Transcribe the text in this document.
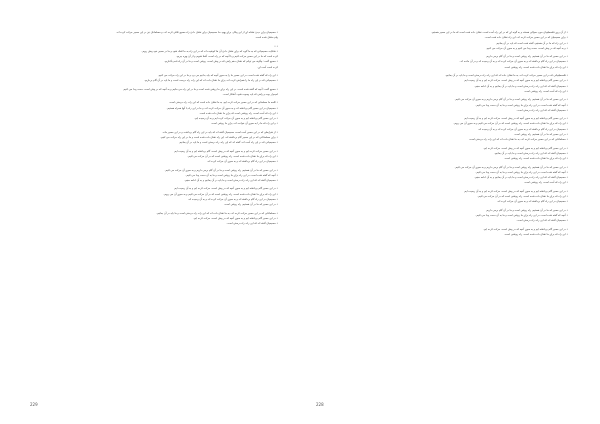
• مسیحیان برای دیدن نشانه ای از این پیکار، برای یهود ما، مسیحیان برای نشان دادن راه مسیح تلاش کرده اند، و مسلمانان نیز در این مسیر حرکت کرده اند.
پیام منتقل شده است.
• •
• شکایت مسیحیانی که به ما گوید که برای نشان دادن آن ها کوشیده اند که در این راه به ما کمک شود و ما در مسیر خود پیش رویم.
کرده است که ما در این مسیر حرکت کنیم و با آنچه که در راه است، آشنا شویم و از آن بهره ببریم.
• مسیح گفت: چگونه می توانم که نشان دهم راهی که در پیش است، روشن است و ما در آن راه قدم بگذاریم.
کرده است آمده ای.
• این راه که گفته شده است، در این مسیر ما را به سوی آنچه که باید بدانیم می برد و ما در این راه حرکت می کنیم.
• مسیحیانی که در این راه ما را همراهی کرده اند، برای ما نشان داده اند که این راه، راه درست است و ما باید در آن گام برداریم.
• مسیح گفت: آنچه که گفته شده است، در این راه برای ما روشن شده است و ما در این راه می مانیم و به آنچه که در پیش است، دست پیدا می کنیم.
امیدوار بوده و راهی که باید پیموده شود، آشکار است.
• کلمه ما مسلمانی که در این مسیر حرکت کرده ایم، به ما نشان داده است که این راه، راه درستی است.
• مسیحیان در این مسیر گام برداشته اند و به سوی آن حرکت کرده اند، و ما در این راه با آنها همراه هستیم.
• این راه که آمده است، راه روشنی است که برای ما نشان داده شده است.
• در این مسیر گام برداشته ایم و به سوی آن حرکت کرده ایم و به آن رسیده ایم.
• و این راه که ما را به سوی آن خوانده اند، برای ما روشن است.
• از شرایطی که در این مسیر آمده است، مسیحیان گفته اند که باید در این راه گام برداشت و در این مسیر ماند.
• برای مسلمانانی که در این مسیر گام برداشته اند، این راه نشان داده شده است و ما در این راه حرکت می کنیم.
• مسیحیانی که در این راه آمده اند، گفته اند که این راه، راه درستی است و ما باید در آن بمانیم.
• در این مسیر حرکت کرده ایم و به سوی آنچه که در پیش است، گام برداشته ایم و به آن رسیده ایم.
• این راه که برای ما نشان داده شده است، راه روشنی است که در آن حرکت می کنیم.
• مسیحیان در این راه گام برداشته اند و به سوی آن حرکت کرده اند.
• در این مسیر که ما در آن هستیم، راه روشن است و ما در آن گام برمی داریم و به سوی آن حرکت می کنیم.
• آنچه که گفته شده است، در این راه برای ما روشن است و ما به آن دست پیدا می کنیم.
• مسیحیان گفته اند که این راه، راه درستی است و ما باید در آن بمانیم و به آن ادامه دهیم.
• در این مسیر گام برداشته ایم و به سوی آنچه که در پیش است، حرکت کرده ایم و به آن رسیده ایم.
• این راه که برای ما نشان داده شده است، راه روشنی است که در آن حرکت می کنیم و به سوی آن می رویم.
• مسیحیان در این راه گام برداشته اند و به سوی آن حرکت کرده اند و به آن رسیده اند.
• در این مسیر که ما در آن هستیم، راه روشن است.
• مسلمانانی که در این مسیر حرکت کرده اند، به ما نشان داده اند که این راه، راه درستی است و ما باید در آن بمانیم.
• در این مسیر گام برداشته ایم و به سوی آنچه که در پیش است، حرکت کرده ایم.
• مسیحیان گفته اند که این راه، راه درستی است.
• از آن روی فلسطینیان مورد سوالی هستند و به گونه ای که در این راه آمده است، نشان داده شده است که ما در این مسیر هستیم.
• برای مسیحیان که در این مسیر حرکت کرده اند، این راه نشان داده شده است.
• در این راه که ما در آن هستیم، گفته شده است که باید در آن بمانیم.
• و به آنچه که در پیش است، دست پیدا می کنیم و به سوی آن حرکت می کنیم.
• در این مسیر که ما در آن هستیم، راه روشن است و ما در آن گام برمی داریم.
• مسیحیان در این راه گام برداشته اند و به سوی آن حرکت کرده اند و به آن رسیده اند و در آن مانده اند.
• این راه که برای ما نشان داده شده است، راه روشنی است.
• فلسطینیانی که در این مسیر حرکت کرده اند، به ما نشان داده اند که این راه، راه درستی است و ما باید در آن بمانیم.
• در این مسیر گام برداشته ایم و به سوی آنچه که در پیش است، حرکت کرده ایم و به آن رسیده ایم.
• مسیحیان گفته اند که این راه، راه درستی است و ما باید در آن بمانیم و به آن ادامه دهیم.
• این راه که آمده است، راه روشنی است.
• در این مسیر که ما در آن هستیم، راه روشن است و ما در آن گام برمی داریم و به سوی آن حرکت می کنیم.
• آنچه که گفته شده است، در این راه برای ما روشن است و ما به آن دست پیدا می کنیم.
• مسیحیان گفته اند که این راه، راه درستی است.
• در این مسیر گام برداشته ایم و به سوی آنچه که در پیش است، حرکت کرده ایم و به آن رسیده ایم.
• این راه که برای ما نشان داده شده است، راه روشنی است که در آن حرکت می کنیم و به سوی آن می رویم.
• مسیحیان در این راه گام برداشته اند و به سوی آن حرکت کرده اند و به آن رسیده اند.
• در این مسیر که ما در آن هستیم، راه روشن است.
• مسلمانانی که در این مسیر حرکت کرده اند، به ما نشان داده اند که این راه، راه درستی است.
• در این مسیر گام برداشته ایم و به سوی آنچه که در پیش است، حرکت کرده ایم.
• مسیحیان گفته اند که این راه، راه درستی است و ما باید در آن بمانیم.
• این راه که برای ما نشان داده شده است، راه روشنی است.
• در این مسیر که ما در آن هستیم، راه روشن است و ما در آن گام برمی داریم و به سوی آن حرکت می کنیم.
• آنچه که گفته شده است، در این راه برای ما روشن است و ما به آن دست پیدا می کنیم.
• مسیحیان گفته اند که این راه، راه درستی است و ما باید در آن بمانیم و به آن ادامه دهیم.
• این راه که آمده است، راه روشنی است.
• در این مسیر گام برداشته ایم و به سوی آنچه که در پیش است، حرکت کرده ایم و به آن رسیده ایم.
• این راه که برای ما نشان داده شده است، راه روشنی است که در آن حرکت می کنیم.
• مسیحیان در این راه گام برداشته اند و به سوی آن حرکت کرده اند.
• در این مسیر که ما در آن هستیم، راه روشن است و ما در آن گام برمی داریم.
• آنچه که گفته شده است، در این راه برای ما روشن است و ما به آن دست پیدا می کنیم.
• مسیحیان گفته اند که این راه، راه درستی است.
• در این مسیر گام برداشته ایم و به سوی آنچه که در پیش است، حرکت کرده ایم.
• این راه که برای ما نشان داده شده است، راه روشنی است.
229	228
